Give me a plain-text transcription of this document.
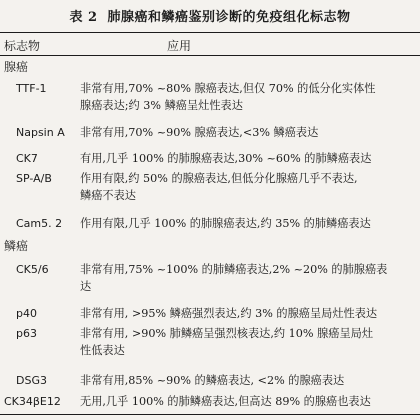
表 2 肺腺癌和鳞癌鉴别诊断的免疫组化标志物
标志物	应用
腺癌
TTF-1	非常有用,70% ~80% 腺癌表达,但仅 70% 的低分化实体性
腺癌表达;约 3% 鳞癌呈灶性表达
Napsin A 非常有用,70% ~90% 腺癌表达,<3% 鳞癌表达
CK7	有用,几乎 100% 的肺腺癌表达,30% ~60% 的肺鳞癌表达
SP-A/B	作用有限,约 50% 的腺癌表达,但低分化腺癌几乎不表达,
鳞癌不表达
Cam5. 2 作用有限,几乎 100% 的肺腺癌表达,约 35% 的肺鳞癌表达
鳞癌
CK5/6	非常有用,75% ~100% 的肺鳞癌表达,2% ~20% 的肺腺癌表
达
p40	非常有用, >95% 鳞癌强烈表达,约 3% 的腺癌呈局灶性表达
p63	非常有用, >90% 肺鳞癌呈强烈核表达,约 10% 腺癌呈局灶
性低表达
DSG3	非常有用,85% ~90% 的鳞癌表达, <2% 的腺癌表达
CK34βE12 无用,几乎 100% 的肺鳞癌表达,但高达 89% 的腺癌也表达
